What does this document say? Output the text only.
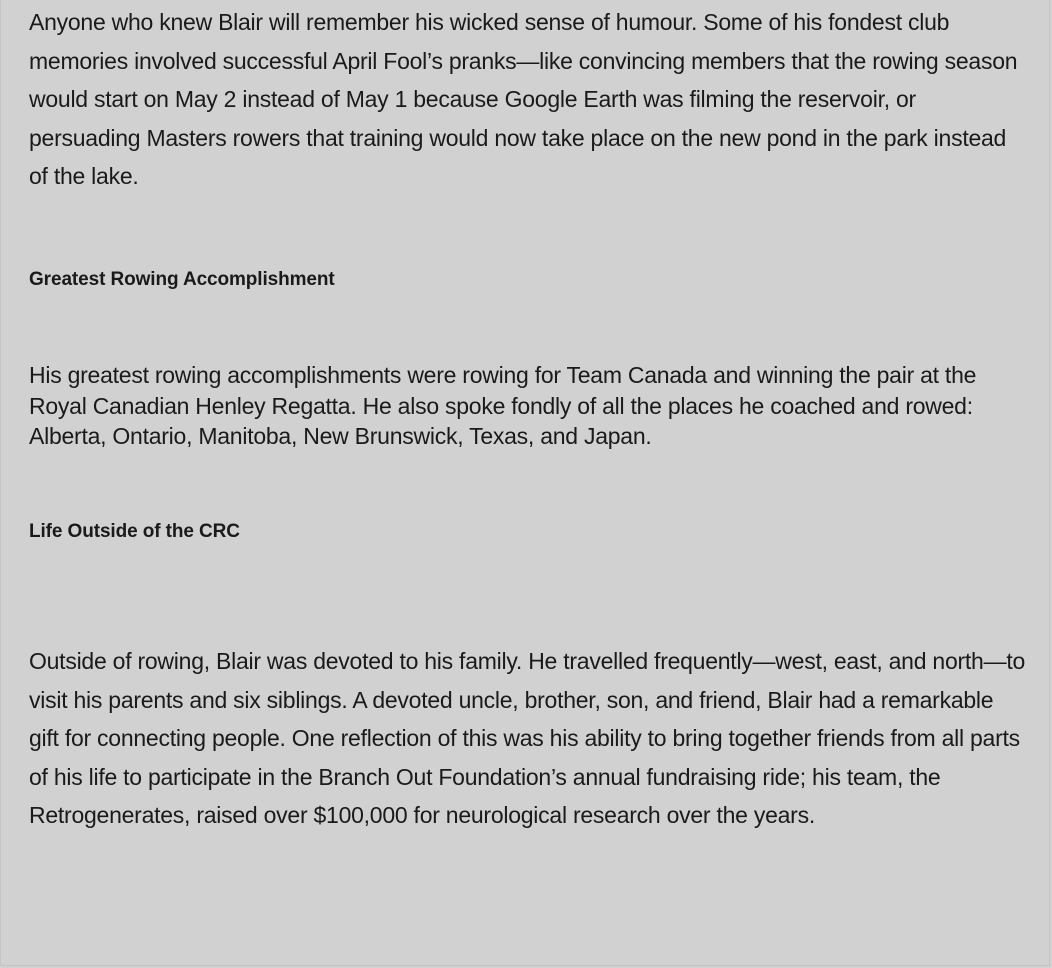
Anyone who knew Blair will remember his wicked sense of humour. Some of his fondest club memories involved successful April Fool’s pranks—like convincing members that the rowing season would start on May 2 instead of May 1 because Google Earth was filming the reservoir, or persuading Masters rowers that training would now take place on the new pond in the park instead of the lake.

Greatest Rowing Accomplishment

His greatest rowing accomplishments were rowing for Team Canada and winning the pair at the Royal Canadian Henley Regatta. He also spoke fondly of all the places he coached and rowed: Alberta, Ontario, Manitoba, New Brunswick, Texas, and Japan.

Life Outside of the CRC

Outside of rowing, Blair was devoted to his family. He travelled frequently—west, east, and north—to visit his parents and six siblings. A devoted uncle, brother, son, and friend, Blair had a remarkable gift for connecting people. One reflection of this was his ability to bring together friends from all parts of his life to participate in the Branch Out Foundation’s annual fundraising ride; his team, the Retrogenerates, raised over $100,000 for neurological research over the years.
